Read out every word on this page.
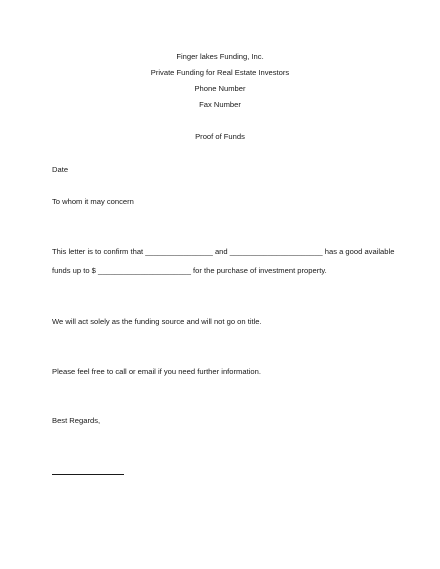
Finger lakes Funding, Inc.

Private Funding for Real Estate Investors

Phone Number

Fax Number

Proof of Funds

Date

To whom it may concern

This letter is to confirm that ________________ and ______________________ has a good available

funds up to $ ______________________ for the purchase of investment property.

We will act solely as the funding source and will not go on title.

Please feel free to call or email if you need further information.

Best Regards,
